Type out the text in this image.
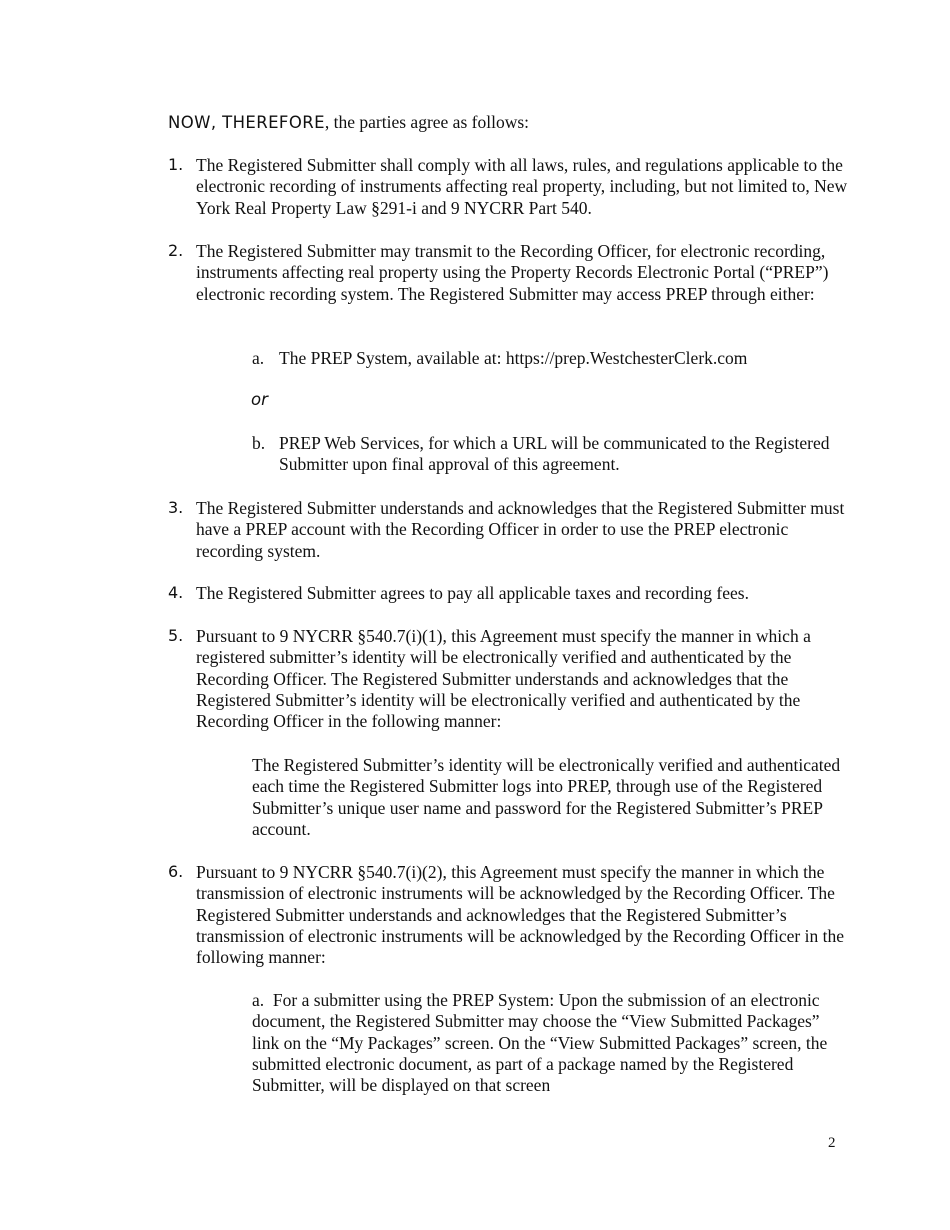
NOW, THEREFORE, the parties agree as follows:
1. The Registered Submitter shall comply with all laws, rules, and regulations applicable to the electronic recording of instruments affecting real property, including, but not limited to, New York Real Property Law §291-i and 9 NYCRR Part 540.
2. The Registered Submitter may transmit to the Recording Officer, for electronic recording, instruments affecting real property using the Property Records Electronic Portal (“PREP”) electronic recording system. The Registered Submitter may access PREP through either:
a. The PREP System, available at: https://prep.WestchesterClerk.com
or
b. PREP Web Services, for which a URL will be communicated to the Registered Submitter upon final approval of this agreement.
3. The Registered Submitter understands and acknowledges that the Registered Submitter must have a PREP account with the Recording Officer in order to use the PREP electronic recording system.
4. The Registered Submitter agrees to pay all applicable taxes and recording fees.
5. Pursuant to 9 NYCRR §540.7(i)(1), this Agreement must specify the manner in which a registered submitter’s identity will be electronically verified and authenticated by the Recording Officer. The Registered Submitter understands and acknowledges that the Registered Submitter’s identity will be electronically verified and authenticated by the Recording Officer in the following manner:
The Registered Submitter’s identity will be electronically verified and authenticated each time the Registered Submitter logs into PREP, through use of the Registered Submitter’s unique user name and password for the Registered Submitter’s PREP account.
6. Pursuant to 9 NYCRR §540.7(i)(2), this Agreement must specify the manner in which the transmission of electronic instruments will be acknowledged by the Recording Officer. The Registered Submitter understands and acknowledges that the Registered Submitter’s transmission of electronic instruments will be acknowledged by the Recording Officer in the following manner:
a. For a submitter using the PREP System: Upon the submission of an electronic document, the Registered Submitter may choose the “View Submitted Packages” link on the “My Packages” screen. On the “View Submitted Packages” screen, the submitted electronic document, as part of a package named by the Registered Submitter, will be displayed on that screen
2
